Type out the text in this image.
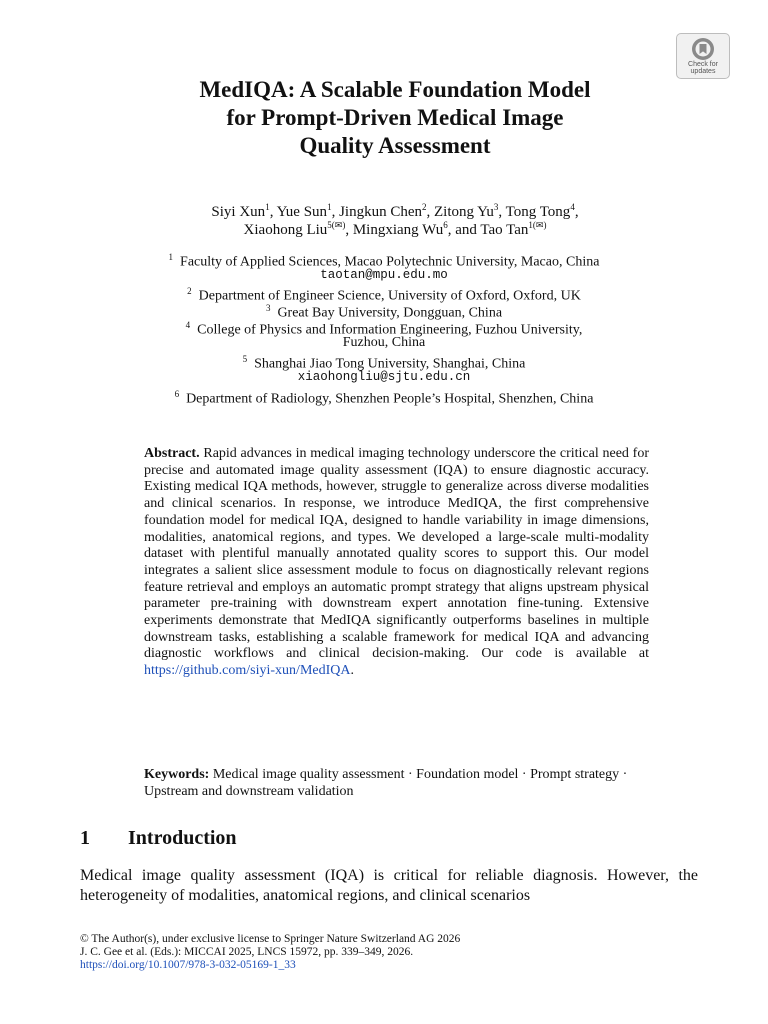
Check for
updates
MedIQA: A Scalable Foundation Model
for Prompt-Driven Medical Image
Quality Assessment
Siyi Xun$^1$, Yue Sun$^1$, Jingkun Chen$^2$, Zitong Yu$^3$, Tong Tong$^4$,
Xiaohong Liu$^{5(✉)}$, Mingxiang Wu$^6$, and Tao Tan$^{1(✉)}$
$^1$ Faculty of Applied Sciences, Macao Polytechnic University, Macao, China
taotan@mpu.edu.mo
$^2$ Department of Engineer Science, University of Oxford, Oxford, UK
$^3$ Great Bay University, Dongguan, China
$^4$ College of Physics and Information Engineering, Fuzhou University,
Fuzhou, China
$^5$ Shanghai Jiao Tong University, Shanghai, China
xiaohongliu@sjtu.edu.cn
$^6$ Department of Radiology, Shenzhen People’s Hospital, Shenzhen, China
Abstract. Rapid advances in medical imaging technology underscore the critical need for precise and automated image quality assessment (IQA) to ensure diagnostic accuracy. Existing medical IQA methods, however, struggle to generalize across diverse modalities and clinical scenarios. In response, we introduce MedIQA, the first comprehensive foundation model for medical IQA, designed to handle variability in image dimensions, modalities, anatomical regions, and types. We developed a large-scale multi-modality dataset with plentiful manually annotated quality scores to support this. Our model integrates a salient slice assessment module to focus on diagnostically relevant regions feature retrieval and employs an automatic prompt strategy that aligns upstream physical parameter pre-training with downstream expert annotation fine-tuning. Extensive experiments demonstrate that MedIQA significantly outperforms baselines in multiple downstream tasks, establishing a scalable framework for medical IQA and advancing diagnostic workflows and clinical decision-making. Our code is available at https://github.com/siyi-xun/MedIQA.
Keywords: Medical image quality assessment · Foundation model · Prompt strategy · Upstream and downstream validation
1 Introduction
Medical image quality assessment (IQA) is critical for reliable diagnosis. However, the heterogeneity of modalities, anatomical regions, and clinical scenarios
© The Author(s), under exclusive license to Springer Nature Switzerland AG 2026
J. C. Gee et al. (Eds.): MICCAI 2025, LNCS 15972, pp. 339–349, 2026.
https://doi.org/10.1007/978-3-032-05169-1_33
